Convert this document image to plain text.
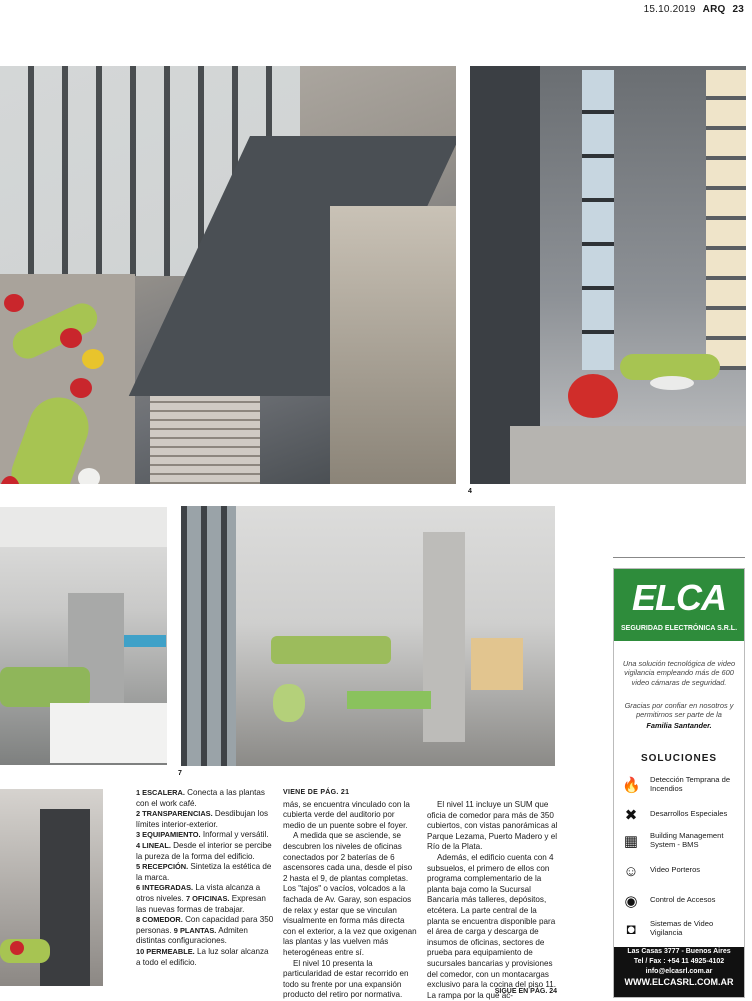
15.10.2019 ARQ 23
4
7
1 ESCALERA. Conecta a las plantas con el work café.
2 TRANSPARENCIAS. Desdibujan los límites interior-exterior.
3 EQUIPAMIENTO. Informal y versátil. 4 LINEAL. Desde el interior se percibe la pureza de la forma del edificio.
5 RECEPCIÓN. Sintetiza la estética de la marca.
6 INTEGRADAS. La vista alcanza a otros niveles. 7 OFICINAS. Expresan las nuevas formas de trabajar.
8 COMEDOR. Con capacidad para 350 personas. 9 PLANTAS. Admiten distintas configuraciones.
10 PERMEABLE. La luz solar alcanza a todo el edificio.
VIENE DE PÁG. 21

más, se encuentra vinculado con la cubierta verde del auditorio por medio de un puente sobre el foyer.

A medida que se asciende, se descubren los niveles de oficinas conectados por 2 baterías de 6 ascensores cada una, desde el piso 2 hasta el 9, de plantas completas. Los "tajos" o vacíos, volcados a la fachada de Av. Garay, son espacios de relax y estar que se vinculan visualmente en forma más directa con el exterior, a la vez que oxigenan las plantas y las vuelven más heterogéneas entre sí.

El nivel 10 presenta la particularidad de estar recorrido en todo su frente por una expansión producto del retiro por normativa.

El nivel 11 incluye un SUM que oficia de comedor para más de 350 cubiertos, con vistas panorámicas al Parque Lezama, Puerto Madero y el Río de la Plata.

Además, el edificio cuenta con 4 subsuelos, el primero de ellos con programa complementario de la planta baja como la Sucursal Bancaria más talleres, depósitos, etcétera. La parte central de la planta se encuentra disponible para el área de carga y descarga de insumos de oficinas, sectores de prueba para equipamiento de sucursales bancarias y provisiones del comedor, con un montacargas exclusivo para la cocina del piso 11. La rampa por la que ac-

SIGUE EN PÁG. 24
ELCA
SEGURIDAD ELECTRÓNICA S.R.L.
Una solución tecnológica de video vigilancia empleando más de 600 video cámaras de seguridad.
Gracias por confiar en nosotros y permitirnos ser parte de la
Familia Santander.
SOLUCIONES
🔥 Detección Temprana de Incendios
✖	Desarrollos Especiales
▦ Building Management System - BMS
☺ Video Porteros
◉	Control de Accesos
◘	Sistemas de Video Vigilancia
Las Casas 3777 - Buenos Aires
Tel / Fax : +54 11 4925-4102
info@elcasrl.com.ar
WWW.ELCASRL.COM.AR
